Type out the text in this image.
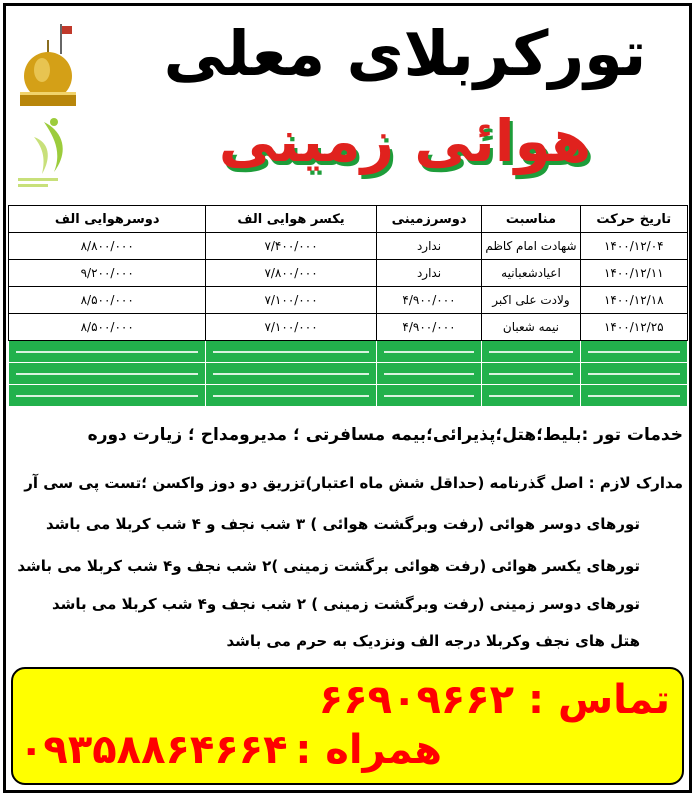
تورکربلای معلی
هوائی زمینی
تاریخ حرکت	مناسبت	دوسرزمینی	یکسر هوایی الف	دوسرهوایی الف
۱۴۰۰/۱۲/۰۴	شهادت امام کاظم	ندارد	۷/۴۰۰/۰۰۰	۸/۸۰۰/۰۰۰
۱۴۰۰/۱۲/۱۱	اعیادشعبانیه	ندارد	۷/۸۰۰/۰۰۰	۹/۲۰۰/۰۰۰
۱۴۰۰/۱۲/۱۸	ولادت علی اکبر	۴/۹۰۰/۰۰۰	۷/۱۰۰/۰۰۰	۸/۵۰۰/۰۰۰
۱۴۰۰/۱۲/۲۵	نیمه شعبان	۴/۹۰۰/۰۰۰	۷/۱۰۰/۰۰۰	۸/۵۰۰/۰۰۰

خدمات تور :بلیط؛هتل؛پذیرائی؛بیمه مسافرتی ؛ مدیرومداح ؛ زیارت دوره
مدارک لازم : اصل گذرنامه (حداقل شش ماه اعتبار)تزریق دو دوز واکسن ؛تست پی سی آر
تورهای دوسر هوائی (رفت وبرگشت هوائی ) ۳ شب نجف و ۴ شب کربلا می باشد
تورهای یکسر هوائی (رفت هوائی برگشت زمینی )۲ شب نجف و۴ شب کربلا می باشد
تورهای دوسر زمینی (رفت وبرگشت زمینی ) ۲ شب نجف و۴ شب کربلا می باشد
هتل های نجف وکربلا درجه الف ونزدیک به حرم می باشد
تماس : ۶۶۹۰۹۶۶۲
همراه :
۰۹۳۵۸۸۶۴۶۶۴
